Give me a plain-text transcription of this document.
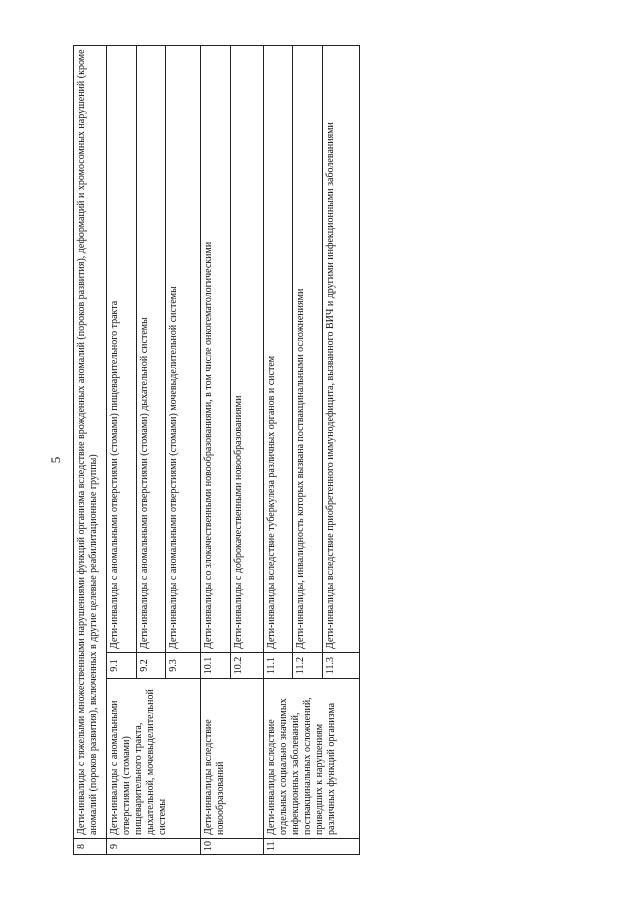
5
8	Дети-инвалиды с тяжелыми множественными нарушениями функций организма вследствие врожденных аномалий (пороков развития), деформаций и хромосомных нарушений (кроме аномалий (пороков развития), включенных в другие целевые реабилитационные группы)		
9	Дети-инвалиды с аномальными отверстиями (стомами) пищеварительного тракта, дыхательной, мочевыделительной системы	9.1	Дети-инвалиды с аномальными отверстиями (стомами) пищеварительного тракта
		9.2	Дети-инвалиды с аномальными отверстиями (стомами) дыхательной системы
		9.3	Дети-инвалиды с аномальными отверстиями (стомами) мочевыделительной системы
10	Дети-инвалиды вследствие новообразований	10.1	Дети-инвалиды со злокачественными новообразованиями, в том числе онкогематологическими
		10.2	Дети-инвалиды с доброкачественными новообразованиями
11	Дети-инвалиды вследствие отдельных социально значимых инфекционных заболеваний, поствакцинальных осложнений, приведших к нарушениям различных функций организма	11.1	Дети-инвалиды вследствие туберкулеза различных органов и систем
		11.2	Дети-инвалиды, инвалидность которых вызвана поствакцинальными осложнениями
		11.3	Дети-инвалиды вследствие приобретенного иммунодефицита, вызванного ВИЧ и другими инфекционными заболеваниями
